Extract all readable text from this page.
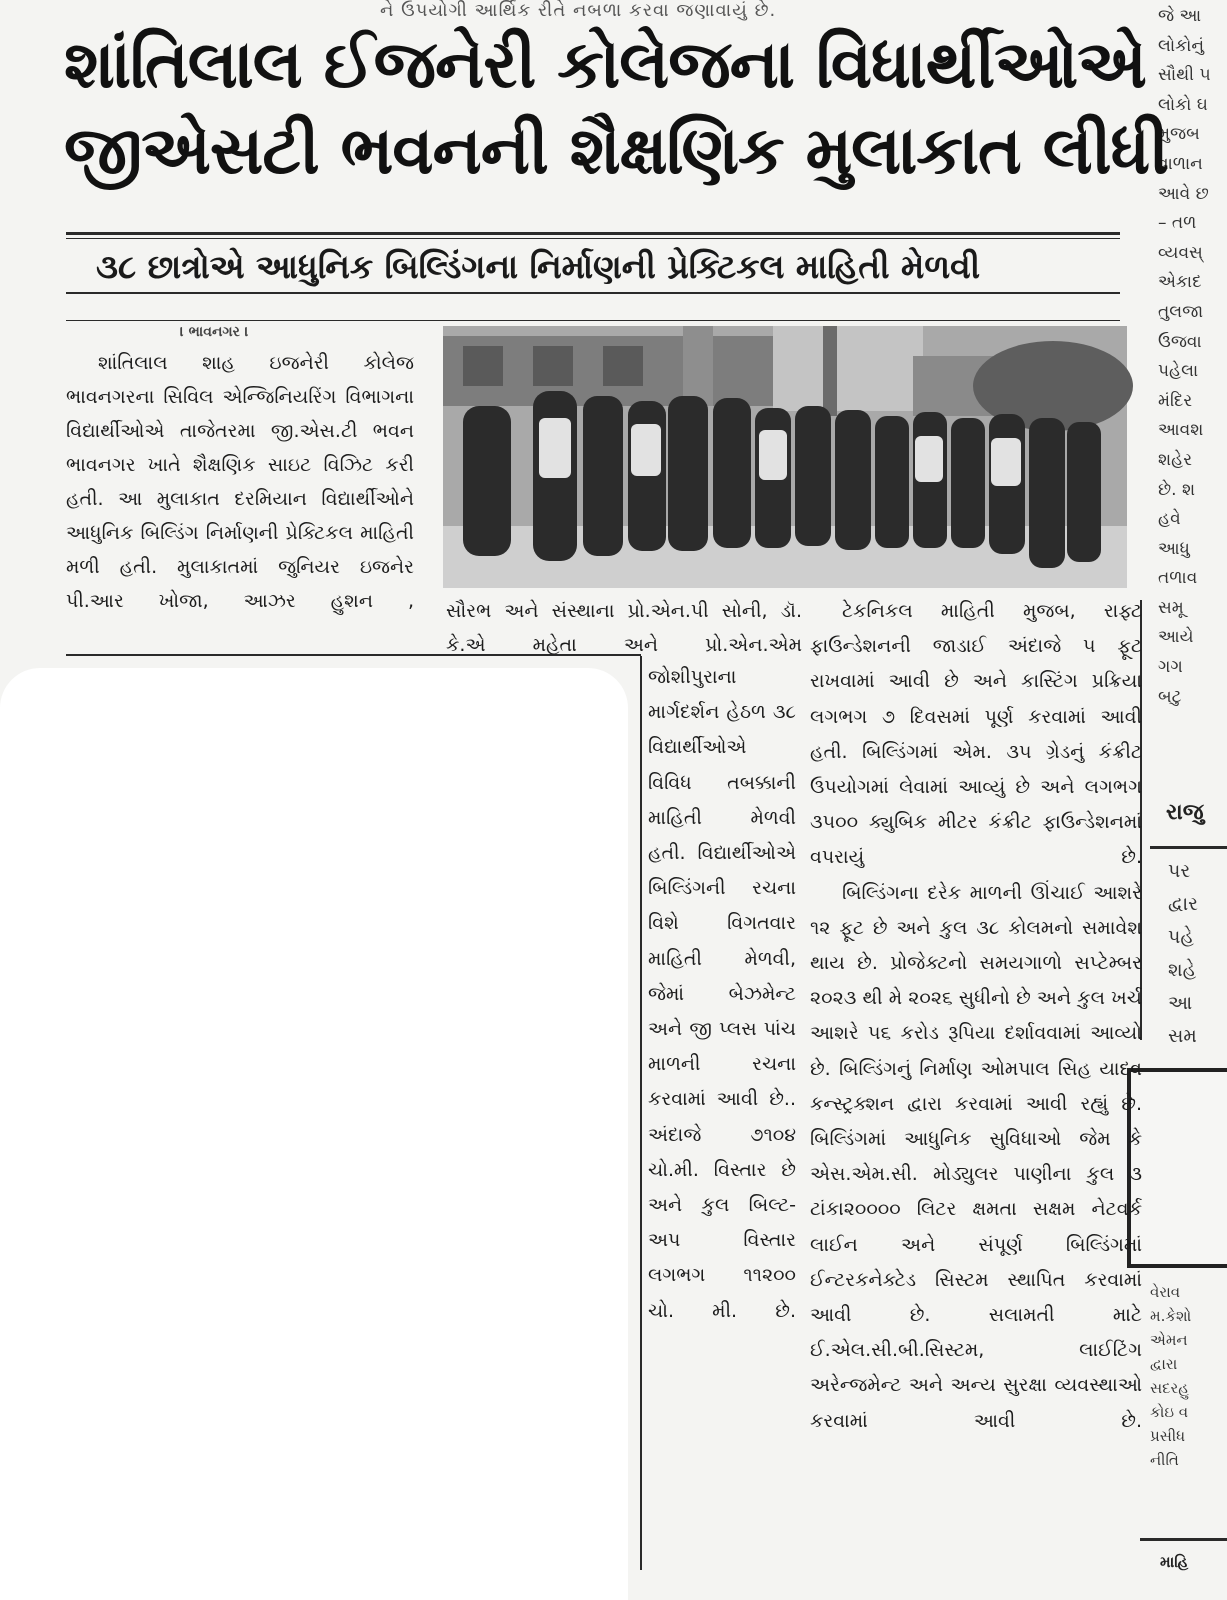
ને ઉપયોગી આર્થિક રીતે નબળા કરવા જણાવાયું છે.	જે આ
લોકોનું
સૌથી ૫
લોકો ઘ
મુજબ
વાળાન
આવે છ
– તળ
વ્યવસ્
એકાદ
તુલજા
ઉજવા
પહેલા
મંદિર
આવશ
શહેર
છે. શ
હવે
આધુ
તળાવ
સમૂ
આયે
ગગ
બટુ
રાજુ
પર
દ્વાર
પહે
શહે
આ
સમ
વેરાવ
મ.કેશો
એમન
દ્વારા
સદરહુ
કોઇ વ
પ્રસીધ
નીતિ
માહિ
શાંતિલાલ ઈજનેરી કોલેજના વિધાર્થીઓએ
જીએસટી ભવનની શૈક્ષણિક મુલાકાત લીધી
૩૮ છાત્રોએ આધુનિક બિલ્ડિંગના નિર્માણની પ્રેક્ટિકલ માહિતી મેળવી
। ભાવનગર ।

શાંતિલાલ શાહ ઇજનેરી કોલેજ ભાવનગરના સિવિલ એન્જિનિયરિંગ વિભાગના વિદ્યાર્થીઓએ તાજેતરમા જી.એસ.ટી ભવન ભાવનગર ખાતે શૈક્ષણિક સાઇટ વિઝિટ કરી હતી. આ મુલાકાત દરમિયાન વિદ્યાર્થીઓને આધુનિક બિલ્ડિંગ નિર્માણની પ્રેક્ટિકલ માહિતી મળી હતી. મુલાકાતમાં જુનિયર ઇજનેર પી.આર ખોજા, આઝર હુશન , સૌરભ અને સંસ્થાના પ્રો.એન.પી સોની, ડૉ. કે.એ મહેતા અને પ્રો.એન.એમ

જોશીપુરાના માર્ગદર્શન હેઠળ ૩૮ વિદ્યાર્થીઓએ વિવિધ તબક્કાની માહિતી મેળવી હતી. વિદ્યાર્થીઓએ બિલ્ડિંગની રચના વિશે વિગતવાર માહિતી મેળવી, જેમાં બેઝમેન્ટ અને જી પ્લસ પાંચ માળની રચના કરવામાં આવી છે.. અંદાજે ૭૧૦૪ ચો.મી. વિસ્તાર છે અને કુલ બિલ્ટ-અપ વિસ્તાર લગભગ ૧૧૨૦૦ ચો. મી. છે.

ટેકનિકલ માહિતી મુજબ, રાફ્ટ ફાઉન્ડેશનની જાડાઈ અંદાજે ૫ ફૂટ રાખવામાં આવી છે અને કાસ્ટિંગ પ્રક્રિયા લગભગ ૭ દિવસમાં પૂર્ણ કરવામાં આવી હતી. બિલ્ડિંગમાં એમ. ૩૫ ગ્રેડનું કંક્રીટ ઉપયોગમાં લેવામાં આવ્યું છે અને લગભગ ૩૫૦૦ ક્યુબિક મીટર કંક્રીટ ફાઉન્ડેશનમાં વપરાયું છે.

બિલ્ડિંગના દરેક માળની ઊંચાઈ આશરે ૧૨ ફૂટ છે અને કુલ ૩૮ કોલમનો સમાવેશ થાય છે. પ્રોજેક્ટનો સમયગાળો સપ્ટેમ્બર ૨૦૨૩ થી મે ૨૦૨૬ સુધીનો છે અને કુલ ખર્ચ આશરે ૫૬ કરોડ રૂપિયા દર્શાવવામાં આવ્યો છે. બિલ્ડિંગનું નિર્માણ ઓમપાલ સિહ યાદવ કન્સ્ટ્રક્શન દ્વારા કરવામાં આવી રહ્યું છે. બિલ્ડિંગમાં આધુનિક સુવિધાઓ જેમ કે એસ.એમ.સી. મોડ્યુલર પાણીના કુલ ૩ ટાંકા૨૦૦૦૦ લિટર ક્ષમતા સક્ષમ નેટવર્ક લાઈન અને સંપૂર્ણ બિલ્ડિંગમાં ઈન્ટરકનેક્ટેડ સિસ્ટમ સ્થાપિત કરવામાં આવી છે. સલામતી માટે ઈ.એલ.સી.બી.સિસ્ટમ, લાઈટિંગ અરેન્જમેન્ટ અને અન્ય સુરક્ષા વ્યવસ્થાઓ કરવામાં આવી છે.
